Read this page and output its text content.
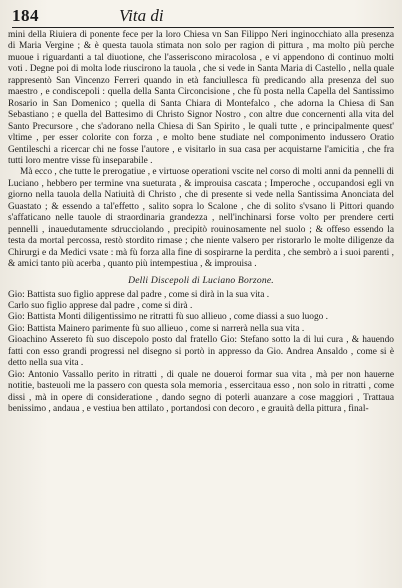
184	Vita di

mini della Riuiera di ponente fece per la loro Chiesa vn San Filippo Neri inginocchiato alla presenza di Maria Vergine ; & è questa tauola stimata non solo per ragion di pittura , ma molto più perche muoue i riguardanti a tal diuotione, che l'asseriscono miracolosa , e vi appendono di continuo molti voti . Degne poi di molta lode riuscirono la tauola , che si vede in Santa Maria di Castello , nella quale rappresentò San Vincenzo Ferreri quando in età fanciullesca fù predicando alla presenza del suo maestro , e condiscepoli : quella della Santa Circoncisione , che fù posta nella Capella del Santissimo Rosario in San Domenico ; quella di Santa Chiara di Montefalco , che adorna la Chiesa di San Sebastiano ; e quella del Battesimo di Christo Signor Nostro , con altre due concernenti alla vita del Santo Precursore , che s'adorano nella Chiesa di San Spirito , le quali tutte , e principalmente quest' vltime , per esser colorite con forza , e molto bene studiate nel componimento indussero Oratio Gentileschi a ricercar chi ne fosse l'autore , e visitarlo in sua casa per acquistarne l'amicitia , che fra tutti loro mentre visse fù inseparabile .

Mà ecco , che tutte le prerogatiue , e virtuose operationi vscite nel corso di molti anni da pennelli di Luciano , hebbero per termine vna sueturata , & improuisa cascata ; Imperoche , occupandosi egli vn giorno nella tauola della Natiuità di Christo , che di presente si vede nella Santissima Anonciata del Guastato ; & essendo a tal'effetto , salito sopra lo Scalone , che di solito s'vsano li Pittori quando s'affaticano nelle tauole di straordinaria grandezza , nell'inchinarsi forse volto per prendere certi pennelli , inauedutamente sdrucciolando , precipitò rouinosamente nel suolo ; & offeso essendo la testa da mortal percossa, restò stordito rimase ; che niente valsero per ristorarlo le molte diligenze da Chirurgi e da Medici vsate : mà fù forza alla fine di sospirarne la perdita , che sembrò a i suoi parenti , & amici tanto più acerba , quanto più intempestiua , & improuisa .

Delli Discepoli di Luciano Borzone.

Gio: Battista suo figlio apprese dal padre , come si dirà in la sua vita .

Carlo suo figlio apprese dal padre , come si dirà .

Gio: Battista Monti diligentissimo ne ritratti fù suo allieuo , come diassi a suo luogo .

Gio: Battista Mainero parimente fù suo allieuo , come si narrerà nella sua vita .

Gioachino Assereto fù suo discepolo posto dal fratello Gio: Stefano sotto la di lui cura , & hauendo fatti con esso grandi progressi nel disegno si portò in appresso da Gio. Andrea Ansaldo , come si è detto nella sua vita .

Gio: Antonio Vassallo perito in ritratti , di quale ne doueroi formar sua vita , mà per non hauerne notitie, basteuoli me la passero con questa sola memoria , essercitaua esso , non solo in ritratti , come dissi , mà in opere di consideratione , dando segno di poterli auanzare a cose maggiori , Trattaua benissimo , andaua , e vestiua ben attilato , portandosi con decoro , e grauità della pittura , final-
